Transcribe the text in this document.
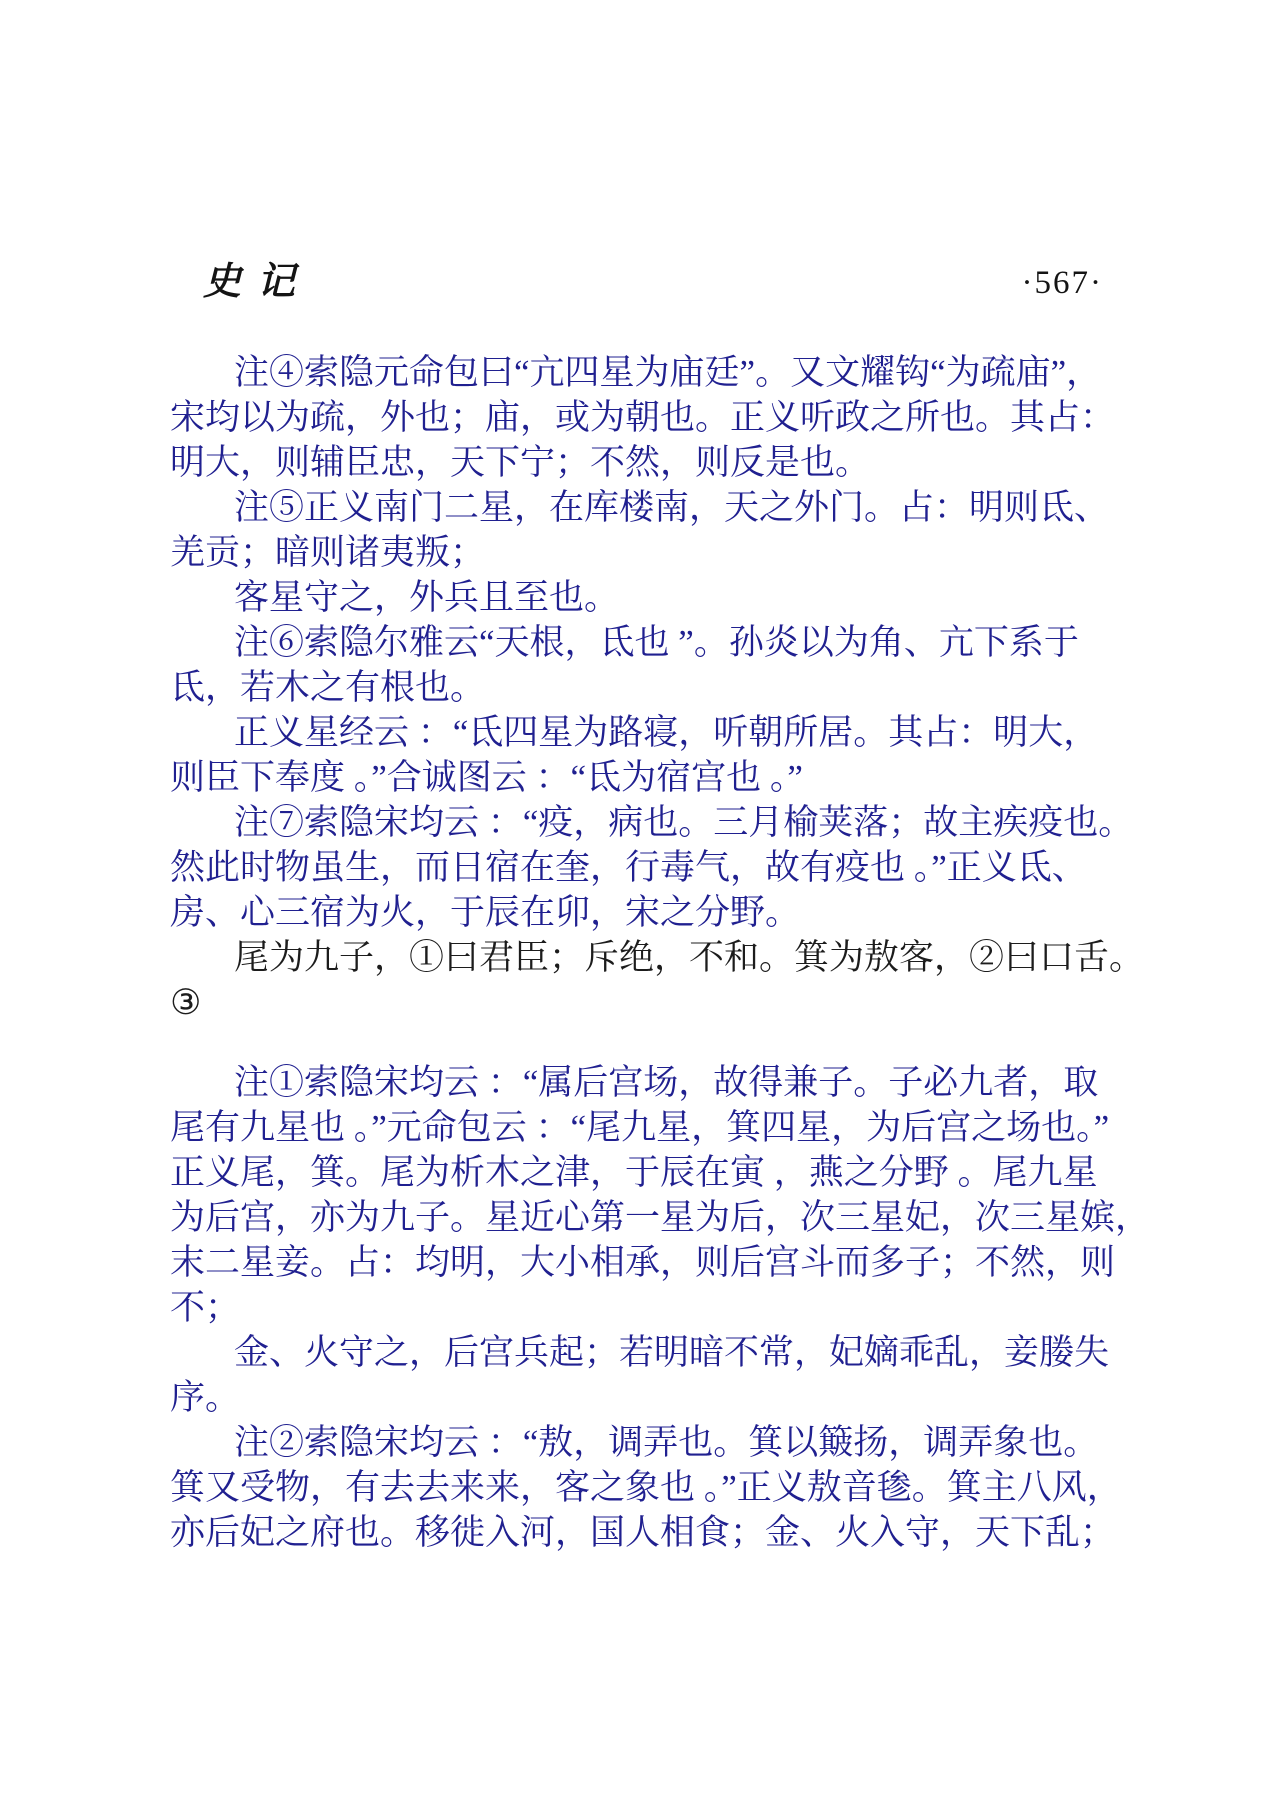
史记	·567·
注④索隐元命包曰“亢四星为庙廷”。又文耀钩“为疏庙”，
宋均以为疏，外也；庙，或为朝也。正义听政之所也。其占：
明大，则辅臣忠，天下宁；不然，则反是也。
注⑤正义南门二星，在库楼南，天之外门。占：明则氐、
羌贡；暗则诸夷叛；
客星守之，外兵且至也。
注⑥索隐尔雅云“天根，氐也 ”。孙炎以为角、亢下系于
氐，若木之有根也。
正义星经云 ：“氐四星为路寝，听朝所居。其占：明大，
则臣下奉度 。”合诚图云 ：“氐为宿宫也 。”
注⑦索隐宋均云 ：“疫，病也。三月榆荚落；故主疾疫也。
然此时物虽生，而日宿在奎，行毒气，故有疫也 。”正义氐、
房、心三宿为火，于辰在卯，宋之分野。
尾为九子，①曰君臣；斥绝，不和。箕为敖客，②曰口舌。
③
注①索隐宋均云 ：“属后宫场，故得兼子。子必九者，取
尾有九星也 。”元命包云 ：“尾九星，箕四星，为后宫之场也。”
正义尾，箕。尾为析木之津，于辰在寅 ，燕之分野 。尾九星
为后宫，亦为九子。星近心第一星为后，次三星妃，次三星嫔，
末二星妾。占：均明，大小相承，则后宫斗而多子；不然，则
不；
金、火守之，后宫兵起；若明暗不常，妃嫡乖乱，妾媵失
序。
注②索隐宋均云 ：“敖，调弄也。箕以簸扬，调弄象也。
箕又受物，有去去来来，客之象也 。”正义敖音毶。箕主八风，
亦后妃之府也。移徙入河，国人相食；金、火入守，天下乱；
